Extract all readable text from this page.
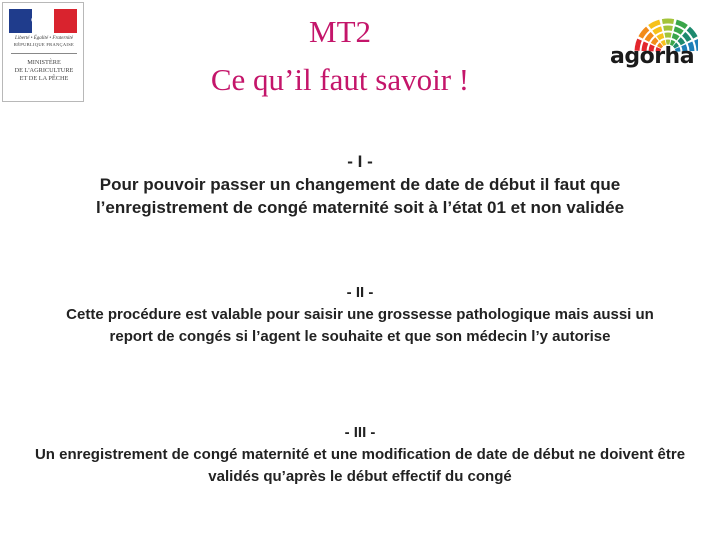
Liberté • Égalité • Fraternité
RÉPUBLIQUE FRANÇAISE
MINISTÈRE
DE L'AGRICULTURE
ET DE LA PÊCHE
MT2
Ce qu’il faut savoir !
agorha
- I -
Pour pouvoir passer un changement de date de début il faut que l’enregistrement de congé maternité soit à l’état 01 et non validée
- II -
Cette procédure est valable pour saisir une grossesse pathologique mais aussi un report de congés si l’agent le souhaite et que son médecin l’y autorise
- III -
Un enregistrement de congé maternité et une modification de date de début ne doivent être validés qu’après le début effectif du congé
